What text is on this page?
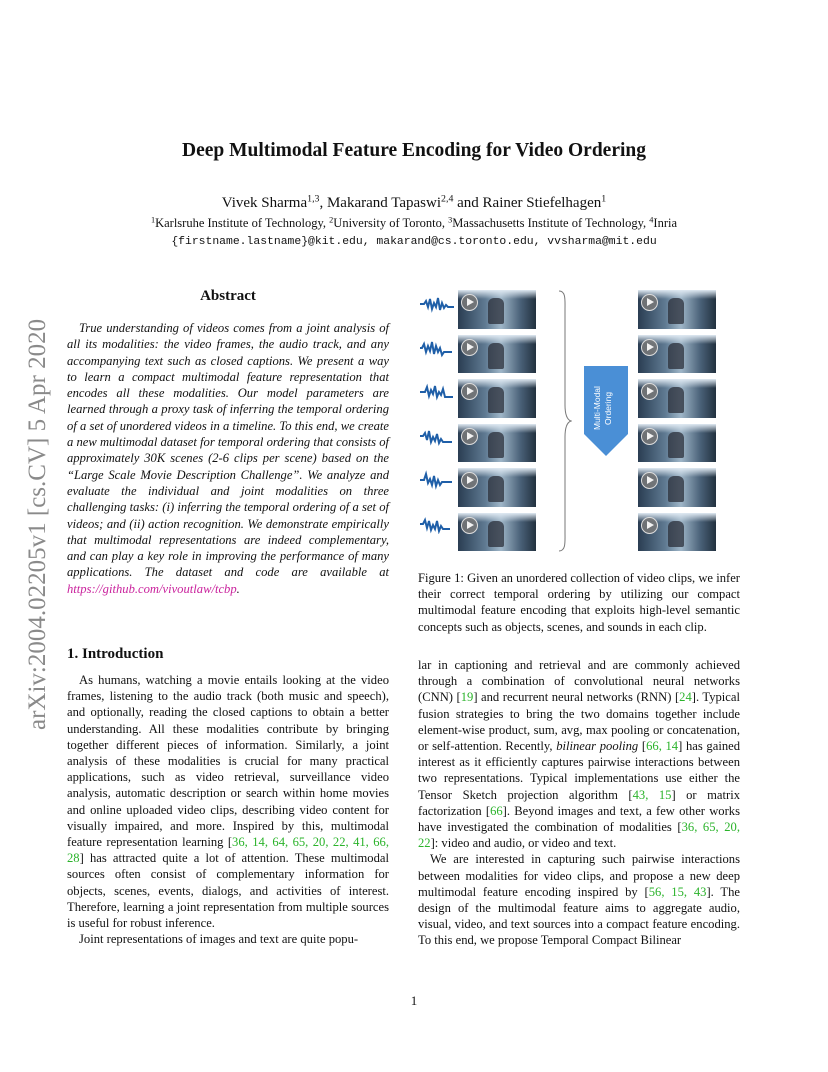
arXiv:2004.02205v1 [cs.CV] 5 Apr 2020
Deep Multimodal Feature Encoding for Video Ordering
Vivek Sharma$^{1,3}$, Makarand Tapaswi$^{2,4}$ and Rainer Stiefelhagen$^1$
$^1$Karlsruhe Institute of Technology, $^2$University of Toronto, $^3$Massachusetts Institute of Technology, $^4$Inria
{firstname.lastname}@kit.edu, makarand@cs.toronto.edu, vvsharma@mit.edu
Abstract

True understanding of videos comes from a joint analysis of all its modalities: the video frames, the audio track, and any accompanying text such as closed captions. We present a way to learn a compact multimodal feature representation that encodes all these modalities. Our model parameters are learned through a proxy task of inferring the temporal ordering of a set of unordered videos in a timeline. To this end, we create a new multimodal dataset for temporal ordering that consists of approximately 30K scenes (2-6 clips per scene) based on the “Large Scale Movie Description Challenge”. We analyze and evaluate the individual and joint modalities on three challenging tasks: (i) inferring the temporal ordering of a set of videos; and (ii) action recognition. We demonstrate empirically that multimodal representations are indeed complementary, and can play a key role in improving the performance of many applications. The dataset and code are available at https://github.com/vivoutlaw/tcbp.

1. Introduction

As humans, watching a movie entails looking at the video frames, listening to the audio track (both music and speech), and optionally, reading the closed captions to obtain a better understanding. All these modalities contribute by bringing together different pieces of information. Similarly, a joint analysis of these modalities is crucial for many practical applications, such as video retrieval, surveillance video analysis, automatic description or search within home movies and online uploaded video clips, describing video content for visually impaired, and more. Inspired by this, multimodal feature representation learning [36, 14, 64, 65, 20, 22, 41, 66, 28] has attracted quite a lot of attention. These multimodal sources often consist of complementary information for objects, scenes, events, dialogs, and activities of interest. Therefore, learning a joint representation from multiple sources is useful for robust inference.

Joint representations of images and text are quite popu-

Multi-Modal
Ordering

Figure 1: Given an unordered collection of video clips, we infer their correct temporal ordering by utilizing our compact multimodal feature encoding that exploits high-level semantic concepts such as objects, scenes, and sounds in each clip.

lar in captioning and retrieval and are commonly achieved through a combination of convolutional neural networks (CNN) [19] and recurrent neural networks (RNN) [24]. Typical fusion strategies to bring the two domains together include element-wise product, sum, avg, max pooling or concatenation, or self-attention. Recently, bilinear pooling [66, 14] has gained interest as it efficiently captures pairwise interactions between two representations. Typical implementations use either the Tensor Sketch projection algorithm [43, 15] or matrix factorization [66]. Beyond images and text, a few other works have investigated the combination of modalities [36, 65, 20, 22]: video and audio, or video and text.

We are interested in capturing such pairwise interactions between modalities for video clips, and propose a new deep multimodal feature encoding inspired by [56, 15, 43]. The design of the multimodal feature aims to aggregate audio, visual, video, and text sources into a compact feature encoding. To this end, we propose Temporal Compact Bilinear

1
